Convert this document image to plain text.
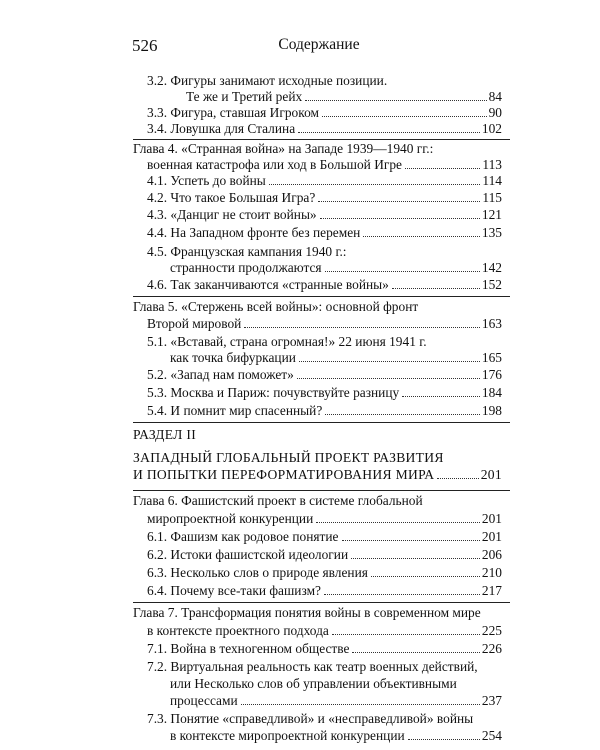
526	Содержание
3.2. Фигуры занимают исходные позиции.
Те же и Третий рейх	84
3.3. Фигура, ставшая Игроком	90
3.4. Ловушка для Сталина	102
Глава 4. «Странная война» на Западе 1939—1940 гг.:
военная катастрофа или ход в Большой Игре	113
4.1. Успеть до войны	114
4.2. Что такое Большая Игра?	115
4.3. «Данциг не стоит войны»	121
4.4. На Западном фронте без перемен	135
4.5. Французская кампания 1940 г.:
странности продолжаются	142
4.6. Так заканчиваются «странные войны»	152
Глава 5. «Стержень всей войны»: основной фронт
Второй мировой	163
5.1. «Вставай, страна огромная!» 22 июня 1941 г.
как точка бифуркации	165
5.2. «Запад нам поможет»	176
5.3. Москва и Париж: почувствуйте разницу	184
5.4. И помнит мир спасенный?	198
РАЗДЕЛ II
ЗАПАДНЫЙ ГЛОБАЛЬНЫЙ ПРОЕКТ РАЗВИТИЯ
И ПОПЫТКИ ПЕРЕФОРМАТИРОВАНИЯ МИРА	201
Глава 6. Фашистский проект в системе глобальной
миропроектной конкуренции	201
6.1. Фашизм как родовое понятие	201
6.2. Истоки фашистской идеологии	206
6.3. Несколько слов о природе явления	210
6.4. Почему все-таки фашизм?	217
Глава 7. Трансформация понятия войны в современном мире
в контексте проектного подхода	225
7.1. Война в техногенном обществе	226
7.2. Виртуальная реальность как театр военных действий,
или Несколько слов об управлении объективными
процессами	237
7.3. Понятие «справедливой» и «несправедливой» войны
в контексте миропроектной конкуренции	254
